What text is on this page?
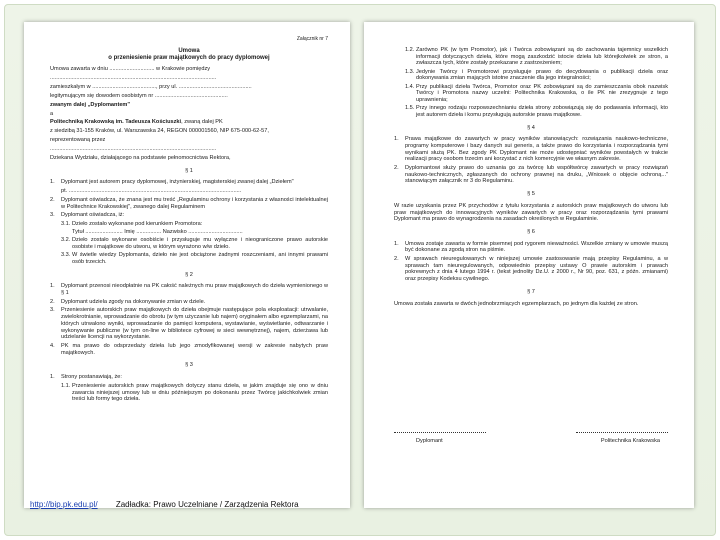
Załącznik nr 7
Umowa
o przeniesienie praw majątkowych do pracy dyplomowej
Umowa zawarta w dniu ............................. w Krakowie pomiędzy
...........................................................................................................
zamieszkałym w ........................................., przy ul. ...............................................
legitymującym się dowodem osobistym nr ...............................................
zwanym dalej „Dyplomantem"
a
Politechniką Krakowską im. Tadeusza Kościuszki, zwaną dalej PK
z siedzibą 31-155 Kraków, ul. Warszawska 24, REGON 000001560, NIP 675-000-62-57,
reprezentowaną przez
...........................................................................................................
Dziekana Wydziału, działającego na podstawie pełnomocnictwa Rektora,
§ 1
1. Dyplomant jest autorem pracy dyplomowej, inżynierskiej, magisterskiej zwanej dalej „Dziełem"
pt. ...............................................................................................................
2. Dyplomant oświadcza, że znana jest mu treść „Regulaminu ochrony i korzystania z własności intelektualnej w Politechnice Krakowskiej", zwanego dalej Regulaminem
3. Dyplomant oświadcza, iż:
3.1. Dzieło zostało wykonane pod kierunkiem Promotora:
Tytuł ........................ Imię ................ Nazwisko ...................................
3.2. Dzieło zostało wykonane osobiście i przysługuje mu wyłączne i nieograniczone prawo autorskie osobiste i majątkowe do utworu, w którym wyrażono w/w dzieło.
3.3. W świetle wiedzy Dyplomanta, dzieło nie jest obciążone żadnymi roszczeniami, ani innymi prawami osób trzecich.
§ 2
1. Dyplomant przenosi nieodpłatnie na PK całość należnych mu praw majątkowych do dzieła wymienionego w § 1
2. Dyplomant udziela zgody na dokonywanie zmian w dziele.
3. Przeniesienie autorskich praw majątkowych do dzieła obejmuje następujące pola eksploatacji: utrwalanie, zwielokrotnianie, wprowadzanie do obrotu (w tym użyczanie lub najem) oryginałem albo egzemplarzami, na których utrwalono wyniki, wprowadzanie do pamięci komputera, wystawianie, wyświetlanie, odtwarzanie i wykonywanie publiczne (w tym on-line w bibliotece cyfrowej w sieci wewnętrznej), najem, dzierżawa lub udzielanie licencji na wykorzystanie.
4. PK ma prawo do odsprzedaży dzieła lub jego zmodyfikowanej wersji w zakresie nabytych praw majątkowych.
§ 3
1. Strony postanawiają, że:
1.1. Przeniesienie autorskich praw majątkowych dotyczy stanu dzieła, w jakim znajduje się ono w dniu zawarcia niniejszej umowy lub w dniu późniejszym po dokonaniu przez Twórcę jakichkolwiek zmian treści lub formy tego dzieła.
1.2. Zarówno PK (w tym Promotor), jak i Twórca zobowiązani są do zachowania tajemnicy wszelkich informacji dotyczących dzieła, które mogą zaszkodzić istocie dzieła lub którejkolwiek ze stron, a zwłaszcza tych, które zostały przekazane z zastrzeżeniem;
1.3. Jedynie Twórcy i Promotorowi przysługuje prawo do decydowania o publikacji dzieła oraz dokonywania zmian mających istotne znaczenie dla jego integralności;
1.4. Przy publikacji dzieła Twórca, Promotor oraz PK zobowiązani są do zamieszczania obok nazwisk Twórcy i Promotora nazwy uczelni: Politechnika Krakowska, o ile PK nie zrezygnuje z tego uprawnienia;
1.5. Przy innego rodzaju rozpowszechnianiu dzieła strony zobowiązują się do podawania informacji, kto jest autorem dzieła i komu przysługują autorskie prawa majątkowe.
§ 4
1. Prawa majątkowe do zawartych w pracy wyników stanowiących: rozwiązania naukowo-techniczne, programy komputerowe i bazy danych sui generis, a także prawo do korzystania i rozporządzania tymi wynikami służą PK. Bez zgody PK Dyplomant nie może udostępniać wyników powstałych w trakcie realizacji pracy osobom trzecim ani korzystać z nich komercyjnie we własnym zakresie.
2. Dyplomantowi służy prawo do uznania go za twórcę lub współtwórcę zawartych w pracy rozwiązań naukowo-technicznych, zgłaszanych do ochrony prawnej na druku, „Wniosek o objęcie ochroną..." stanowiącym załącznik nr 3 do Regulaminu.
§ 5
W razie uzyskania przez PK przychodów z tytułu korzystania z autorskich praw majątkowych do utworu lub praw majątkowych do innowacyjnych wyników zawartych w pracy oraz rozporządzania tymi prawami Dyplomant ma prawo do wynagrodzenia na zasadach określonych w Regulaminie.
§ 6
1. Umowa zostaje zawarta w formie pisemnej pod rygorem nieważności. Wszelkie zmiany w umowie muszą być dokonane za zgodą stron na piśmie.
2. W sprawach nieuregulowanych w niniejszej umowie zastosowanie mają przepisy Regulaminu, a w sprawach tam nieuregulowanych, odpowiednio przepisy ustawy O prawie autorskim i prawach pokrewnych z dnia 4 lutego 1994 r. (tekst jednolity Dz.U. z 2000 r., Nr 90, poz. 631, z późn. zmianami) oraz przepisy Kodeksu cywilnego.
§ 7
Umowa została zawarta w dwóch jednobrzmiących egzemplarzach, po jednym dla każdej ze stron.
Dyplomant	Politechnika Krakowska
http://bip.pk.edu.pl/ Zadładka: Prawo Uczelniane / Zarządzenia Rektora
